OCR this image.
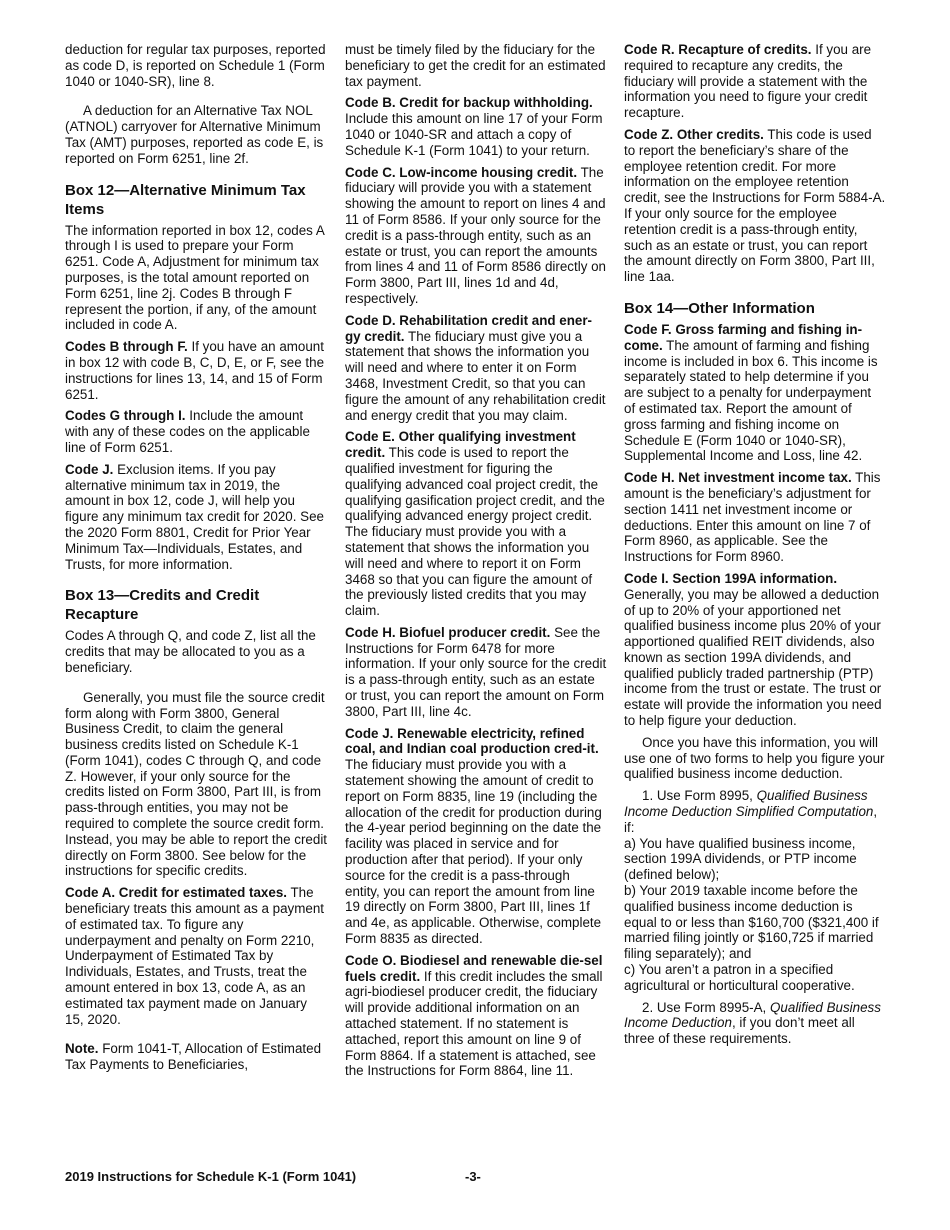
deduction for regular tax purposes, reported as code D, is reported on Schedule 1 (Form 1040 or 1040-SR), line 8.

A deduction for an Alternative Tax NOL (ATNOL) carryover for Alternative Minimum Tax (AMT) purposes, reported as code E, is reported on Form 6251, line 2f.

Box 12—Alternative Minimum Tax Items

The information reported in box 12, codes A through I is used to prepare your Form 6251. Code A, Adjustment for minimum tax purposes, is the total amount reported on Form 6251, line 2j. Codes B through F represent the portion, if any, of the amount included in code A.

Codes B through F. If you have an amount in box 12 with code B, C, D, E, or F, see the instructions for lines 13, 14, and 15 of Form 6251.

Codes G through I. Include the amount with any of these codes on the applicable line of Form 6251.

Code J. Exclusion items. If you pay alternative minimum tax in 2019, the amount in box 12, code J, will help you figure any minimum tax credit for 2020. See the 2020 Form 8801, Credit for Prior Year Minimum Tax—Individuals, Estates, and Trusts, for more information.

Box 13—Credits and Credit Recapture

Codes A through Q, and code Z, list all the credits that may be allocated to you as a beneficiary.

Generally, you must file the source credit form along with Form 3800, General Business Credit, to claim the general business credits listed on Schedule K-1 (Form 1041), codes C through Q, and code Z. However, if your only source for the credits listed on Form 3800, Part III, is from pass-through entities, you may not be required to complete the source credit form. Instead, you may be able to report the credit directly on Form 3800. See below for the instructions for specific credits.

Code A. Credit for estimated taxes. The beneficiary treats this amount as a payment of estimated tax. To figure any underpayment and penalty on Form 2210, Underpayment of Estimated Tax by Individuals, Estates, and Trusts, treat the amount entered in box 13, code A, as an estimated tax payment made on January 15, 2020.

Note. Form 1041-T, Allocation of Estimated Tax Payments to Beneficiaries,

must be timely filed by the fiduciary for the beneficiary to get the credit for an estimated tax payment.

Code B. Credit for backup withholding. Include this amount on line 17 of your Form 1040 or 1040-SR and attach a copy of Schedule K-1 (Form 1041) to your return.

Code C. Low-income housing credit. The fiduciary will provide you with a statement showing the amount to report on lines 4 and 11 of Form 8586. If your only source for the credit is a pass-through entity, such as an estate or trust, you can report the amounts from lines 4 and 11 of Form 8586 directly on Form 3800, Part III, lines 1d and 4d, respectively.

Code D. Rehabilitation credit and ener-gy credit. The fiduciary must give you a statement that shows the information you will need and where to enter it on Form 3468, Investment Credit, so that you can figure the amount of any rehabilitation credit and energy credit that you may claim.

Code E. Other qualifying investment credit. This code is used to report the qualified investment for figuring the qualifying advanced coal project credit, the qualifying gasification project credit, and the qualifying advanced energy project credit. The fiduciary must provide you with a statement that shows the information you will need and where to report it on Form 3468 so that you can figure the amount of the previously listed credits that you may claim.

Code H. Biofuel producer credit. See the Instructions for Form 6478 for more information. If your only source for the credit is a pass-through entity, such as an estate or trust, you can report the amount on Form 3800, Part III, line 4c.

Code J. Renewable electricity, refined coal, and Indian coal production cred-it. The fiduciary must provide you with a statement showing the amount of credit to report on Form 8835, line 19 (including the allocation of the credit for production during the 4-year period beginning on the date the facility was placed in service and for production after that period). If your only source for the credit is a pass-through entity, you can report the amount from line 19 directly on Form 3800, Part III, lines 1f and 4e, as applicable. Otherwise, complete Form 8835 as directed.

Code O. Biodiesel and renewable die-sel fuels credit. If this credit includes the small agri-biodiesel producer credit, the fiduciary will provide additional information on an attached statement. If no statement is attached, report this amount on line 9 of Form 8864. If a statement is attached, see the Instructions for Form 8864, line 11.

Code R. Recapture of credits. If you are required to recapture any credits, the fiduciary will provide a statement with the information you need to figure your credit recapture.

Code Z. Other credits. This code is used to report the beneficiary’s share of the employee retention credit. For more information on the employee retention credit, see the Instructions for Form 5884-A. If your only source for the employee retention credit is a pass-through entity, such as an estate or trust, you can report the amount directly on Form 3800, Part III, line 1aa.

Box 14—Other Information

Code F. Gross farming and fishing in-come. The amount of farming and fishing income is included in box 6. This income is separately stated to help determine if you are subject to a penalty for underpayment of estimated tax. Report the amount of gross farming and fishing income on Schedule E (Form 1040 or 1040-SR), Supplemental Income and Loss, line 42.

Code H. Net investment income tax. This amount is the beneficiary’s adjustment for section 1411 net investment income or deductions. Enter this amount on line 7 of Form 8960, as applicable. See the Instructions for Form 8960.

Code I. Section 199A information. Generally, you may be allowed a deduction of up to 20% of your apportioned net qualified business income plus 20% of your apportioned qualified REIT dividends, also known as section 199A dividends, and qualified publicly traded partnership (PTP) income from the trust or estate. The trust or estate will provide the information you need to help figure your deduction.

Once you have this information, you will use one of two forms to help you figure your qualified business income deduction.

1. Use Form 8995, Qualified Business Income Deduction Simplified Computation, if:

a) You have qualified business income, section 199A dividends, or PTP income (defined below);

b) Your 2019 taxable income before the qualified business income deduction is equal to or less than $160,700 ($321,400 if married filing jointly or $160,725 if married filing separately); and

c) You aren’t a patron in a specified agricultural or horticultural cooperative.

2. Use Form 8995-A, Qualified Business Income Deduction, if you don’t meet all three of these requirements.

2019 Instructions for Schedule K-1 (Form 1041)	-3-
